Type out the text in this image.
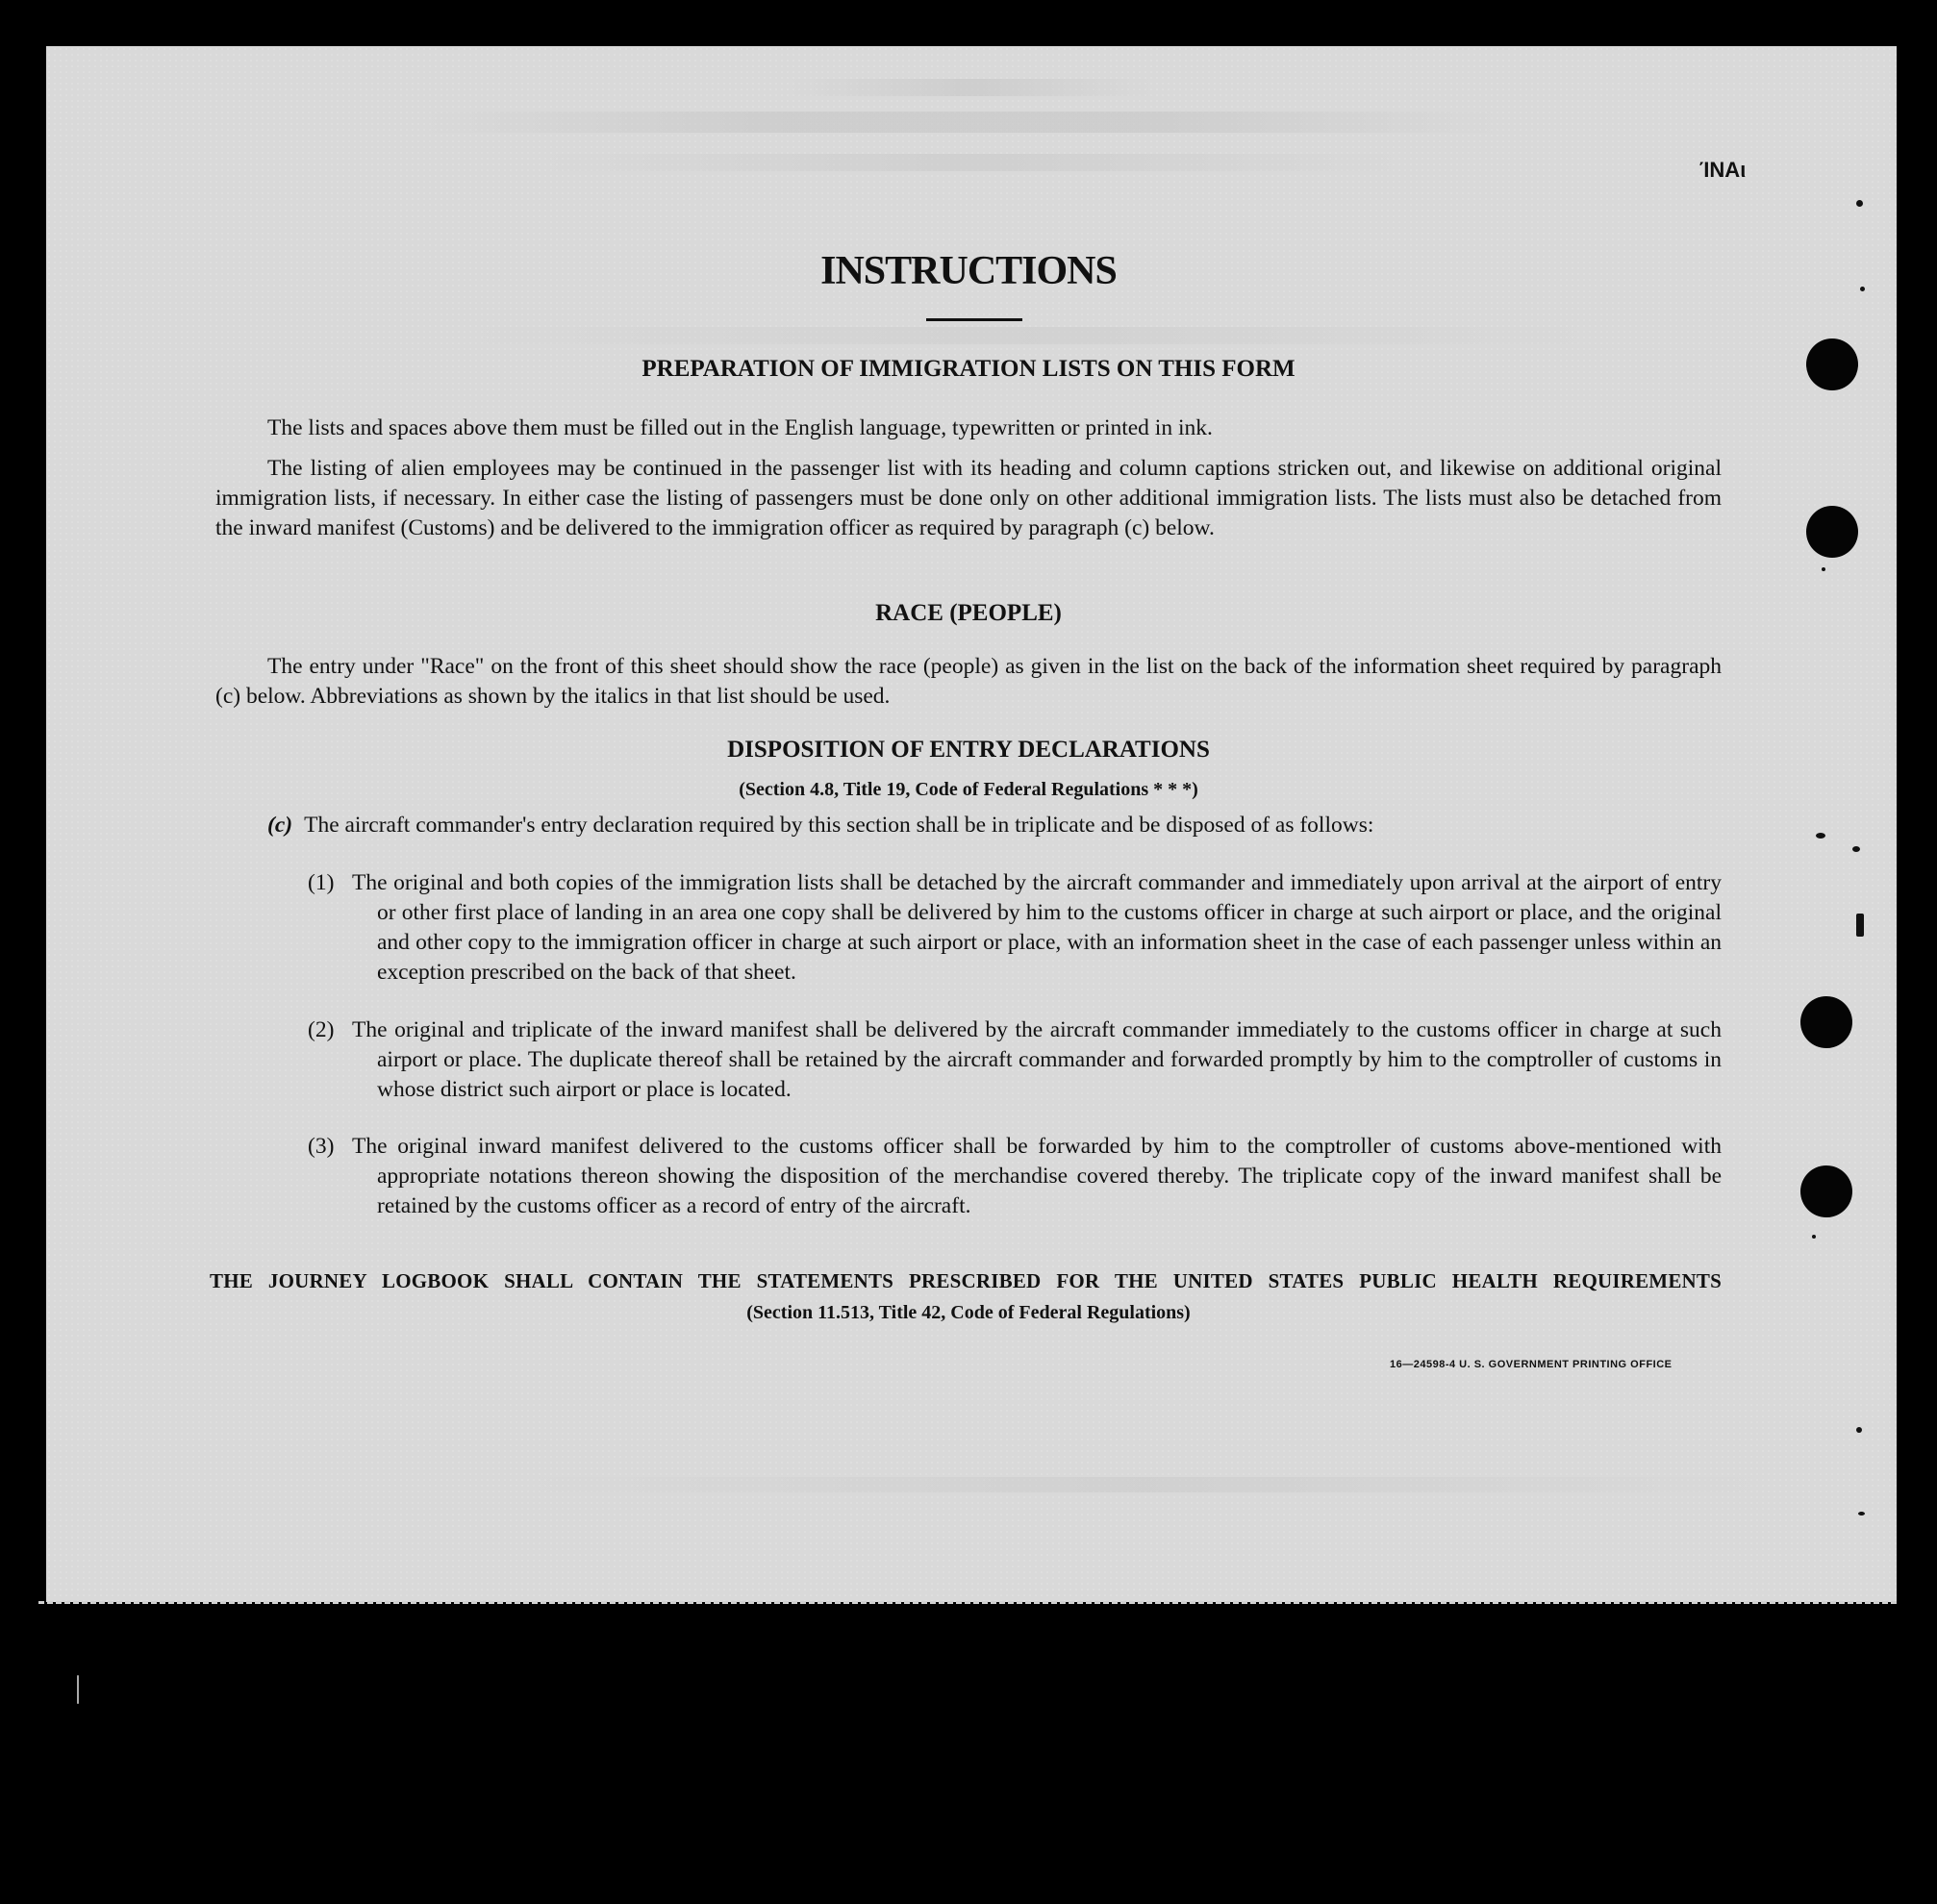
ΊΝΑι
INSTRUCTIONS
PREPARATION OF IMMIGRATION LISTS ON THIS FORM
The lists and spaces above them must be filled out in the English language, typewritten or printed in ink.
The listing of alien employees may be continued in the passenger list with its heading and column captions stricken out, and likewise on additional original immigration lists, if necessary. In either case the listing of passengers must be done only on other additional immigration lists. The lists must also be detached from the inward manifest (Customs) and be delivered to the immigration officer as required by paragraph (c) below.
RACE (PEOPLE)
The entry under "Race" on the front of this sheet should show the race (people) as given in the list on the back of the information sheet required by paragraph (c) below. Abbreviations as shown by the italics in that list should be used.
DISPOSITION OF ENTRY DECLARATIONS
(Section 4.8, Title 19, Code of Federal Regulations * * *)
(c) The aircraft commander's entry declaration required by this section shall be in triplicate and be disposed of as follows:
(1) The original and both copies of the immigration lists shall be detached by the aircraft commander and immediately upon arrival at the airport of entry or other first place of landing in an area one copy shall be delivered by him to the customs officer in charge at such airport or place, and the original and other copy to the immigration officer in charge at such airport or place, with an information sheet in the case of each passenger unless within an exception prescribed on the back of that sheet.
(2) The original and triplicate of the inward manifest shall be delivered by the aircraft commander immediately to the customs officer in charge at such airport or place. The duplicate thereof shall be retained by the aircraft commander and forwarded promptly by him to the comptroller of customs in whose district such airport or place is located.
(3) The original inward manifest delivered to the customs officer shall be forwarded by him to the comptroller of customs above-mentioned with appropriate notations thereon showing the disposition of the merchandise covered thereby. The triplicate copy of the inward manifest shall be retained by the customs officer as a record of entry of the aircraft.
THE JOURNEY LOGBOOK SHALL CONTAIN THE STATEMENTS PRESCRIBED FOR THE UNITED STATES PUBLIC HEALTH REQUIREMENTS
(Section 11.513, Title 42, Code of Federal Regulations)
16—24598-4 U. S. GOVERNMENT PRINTING OFFICE
